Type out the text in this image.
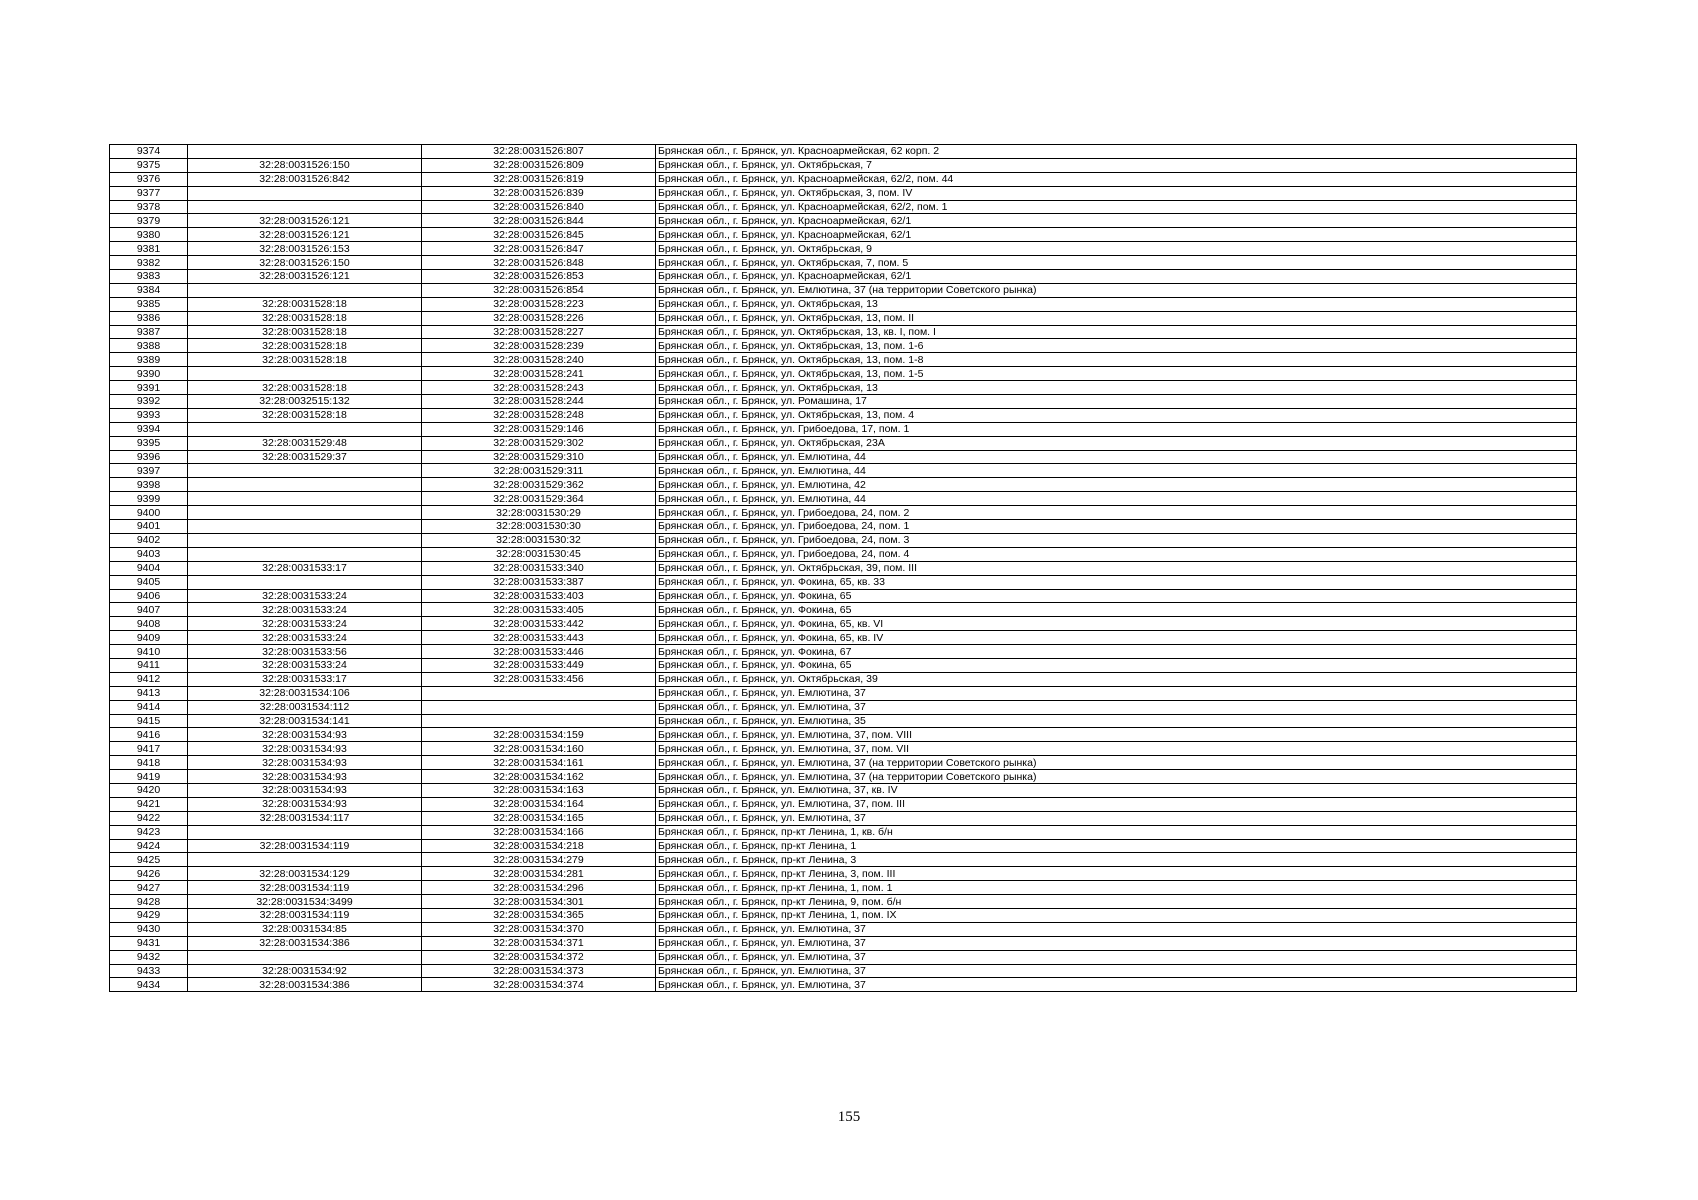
9374		32:28:0031526:807	Брянская обл., г. Брянск, ул. Красноармейская, 62 корп. 2
9375	32:28:0031526:150	32:28:0031526:809	Брянская обл., г. Брянск, ул. Октябрьская, 7
9376	32:28:0031526:842	32:28:0031526:819	Брянская обл., г. Брянск, ул. Красноармейская, 62/2, пом. 44
9377		32:28:0031526:839	Брянская обл., г. Брянск, ул. Октябрьская, 3, пом. IV
9378		32:28:0031526:840	Брянская обл., г. Брянск, ул. Красноармейская, 62/2, пом. 1
9379	32:28:0031526:121	32:28:0031526:844	Брянская обл., г. Брянск, ул. Красноармейская, 62/1
9380	32:28:0031526:121	32:28:0031526:845	Брянская обл., г. Брянск, ул. Красноармейская, 62/1
9381	32:28:0031526:153	32:28:0031526:847	Брянская обл., г. Брянск, ул. Октябрьская, 9
9382	32:28:0031526:150	32:28:0031526:848	Брянская обл., г. Брянск, ул. Октябрьская, 7, пом. 5
9383	32:28:0031526:121	32:28:0031526:853	Брянская обл., г. Брянск, ул. Красноармейская, 62/1
9384		32:28:0031526:854	Брянская обл., г. Брянск, ул. Емлютина, 37 (на территории Советского рынка)
9385	32:28:0031528:18	32:28:0031528:223	Брянская обл., г. Брянск, ул. Октябрьская, 13
9386	32:28:0031528:18	32:28:0031528:226	Брянская обл., г. Брянск, ул. Октябрьская, 13, пом. II
9387	32:28:0031528:18	32:28:0031528:227	Брянская обл., г. Брянск, ул. Октябрьская, 13, кв. I, пом. I
9388	32:28:0031528:18	32:28:0031528:239	Брянская обл., г. Брянск, ул. Октябрьская, 13, пом. 1-6
9389	32:28:0031528:18	32:28:0031528:240	Брянская обл., г. Брянск, ул. Октябрьская, 13, пом. 1-8
9390		32:28:0031528:241	Брянская обл., г. Брянск, ул. Октябрьская, 13, пом. 1-5
9391	32:28:0031528:18	32:28:0031528:243	Брянская обл., г. Брянск, ул. Октябрьская, 13
9392	32:28:0032515:132	32:28:0031528:244	Брянская обл., г. Брянск, ул. Ромашина, 17
9393	32:28:0031528:18	32:28:0031528:248	Брянская обл., г. Брянск, ул. Октябрьская, 13, пом. 4
9394		32:28:0031529:146	Брянская обл., г. Брянск, ул. Грибоедова, 17, пом. 1
9395	32:28:0031529:48	32:28:0031529:302	Брянская обл., г. Брянск, ул. Октябрьская, 23А
9396	32:28:0031529:37	32:28:0031529:310	Брянская обл., г. Брянск, ул. Емлютина, 44
9397		32:28:0031529:311	Брянская обл., г. Брянск, ул. Емлютина, 44
9398		32:28:0031529:362	Брянская обл., г. Брянск, ул. Емлютина, 42
9399		32:28:0031529:364	Брянская обл., г. Брянск, ул. Емлютина, 44
9400		32:28:0031530:29	Брянская обл., г. Брянск, ул. Грибоедова, 24, пом. 2
9401		32:28:0031530:30	Брянская обл., г. Брянск, ул. Грибоедова, 24, пом. 1
9402		32:28:0031530:32	Брянская обл., г. Брянск, ул. Грибоедова, 24, пом. 3
9403		32:28:0031530:45	Брянская обл., г. Брянск, ул. Грибоедова, 24, пом. 4
9404	32:28:0031533:17	32:28:0031533:340	Брянская обл., г. Брянск, ул. Октябрьская, 39, пом. III
9405		32:28:0031533:387	Брянская обл., г. Брянск, ул. Фокина, 65, кв. 33
9406	32:28:0031533:24	32:28:0031533:403	Брянская обл., г. Брянск, ул. Фокина, 65
9407	32:28:0031533:24	32:28:0031533:405	Брянская обл., г. Брянск, ул. Фокина, 65
9408	32:28:0031533:24	32:28:0031533:442	Брянская обл., г. Брянск, ул. Фокина, 65, кв. VI
9409	32:28:0031533:24	32:28:0031533:443	Брянская обл., г. Брянск, ул. Фокина, 65, кв. IV
9410	32:28:0031533:56	32:28:0031533:446	Брянская обл., г. Брянск, ул. Фокина, 67
9411	32:28:0031533:24	32:28:0031533:449	Брянская обл., г. Брянск, ул. Фокина, 65
9412	32:28:0031533:17	32:28:0031533:456	Брянская обл., г. Брянск, ул. Октябрьская, 39
9413	32:28:0031534:106		Брянская обл., г. Брянск, ул. Емлютина, 37
9414	32:28:0031534:112		Брянская обл., г. Брянск, ул. Емлютина, 37
9415	32:28:0031534:141		Брянская обл., г. Брянск, ул. Емлютина, 35
9416	32:28:0031534:93	32:28:0031534:159	Брянская обл., г. Брянск, ул. Емлютина, 37, пом. VIII
9417	32:28:0031534:93	32:28:0031534:160	Брянская обл., г. Брянск, ул. Емлютина, 37, пом. VII
9418	32:28:0031534:93	32:28:0031534:161	Брянская обл., г. Брянск, ул. Емлютина, 37 (на территории Советского рынка)
9419	32:28:0031534:93	32:28:0031534:162	Брянская обл., г. Брянск, ул. Емлютина, 37 (на территории Советского рынка)
9420	32:28:0031534:93	32:28:0031534:163	Брянская обл., г. Брянск, ул. Емлютина, 37, кв. IV
9421	32:28:0031534:93	32:28:0031534:164	Брянская обл., г. Брянск, ул. Емлютина, 37, пом. III
9422	32:28:0031534:117	32:28:0031534:165	Брянская обл., г. Брянск, ул. Емлютина, 37
9423		32:28:0031534:166	Брянская обл., г. Брянск, пр-кт Ленина, 1, кв. б/н
9424	32:28:0031534:119	32:28:0031534:218	Брянская обл., г. Брянск, пр-кт Ленина, 1
9425		32:28:0031534:279	Брянская обл., г. Брянск, пр-кт Ленина, 3
9426	32:28:0031534:129	32:28:0031534:281	Брянская обл., г. Брянск, пр-кт Ленина, 3, пом. III
9427	32:28:0031534:119	32:28:0031534:296	Брянская обл., г. Брянск, пр-кт Ленина, 1, пом. 1
9428	32:28:0031534:3499	32:28:0031534:301	Брянская обл., г. Брянск, пр-кт Ленина, 9, пом. б/н
9429	32:28:0031534:119	32:28:0031534:365	Брянская обл., г. Брянск, пр-кт Ленина, 1, пом. IX
9430	32:28:0031534:85	32:28:0031534:370	Брянская обл., г. Брянск, ул. Емлютина, 37
9431	32:28:0031534:386	32:28:0031534:371	Брянская обл., г. Брянск, ул. Емлютина, 37
9432		32:28:0031534:372	Брянская обл., г. Брянск, ул. Емлютина, 37
9433	32:28:0031534:92	32:28:0031534:373	Брянская обл., г. Брянск, ул. Емлютина, 37
9434	32:28:0031534:386	32:28:0031534:374	Брянская обл., г. Брянск, ул. Емлютина, 37
155
